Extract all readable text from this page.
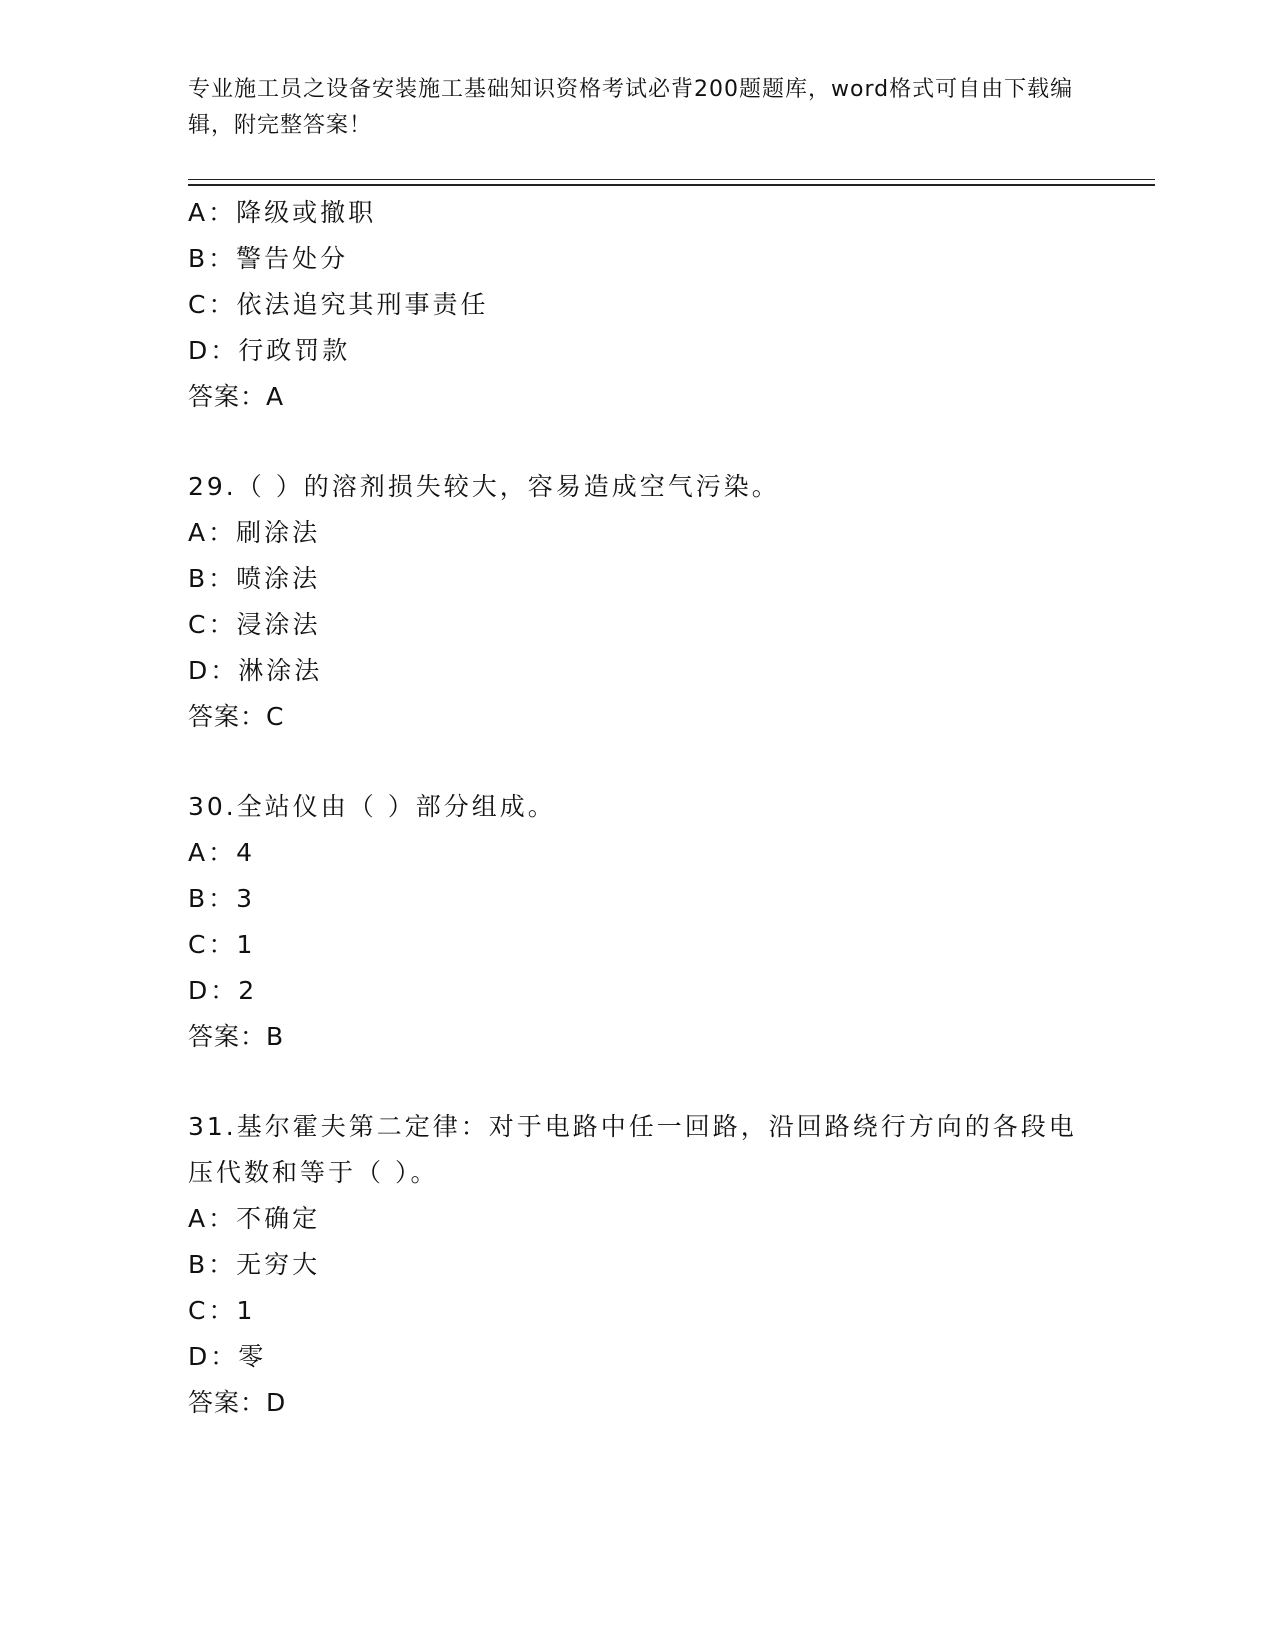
专业施工员之设备安装施工基础知识资格考试必背200题题库，word格式可自由下载编辑，附完整答案！
A：降级或撤职
B：警告处分
C：依法追究其刑事责任
D：行政罚款
答案：A
29.（ ）的溶剂损失较大，容易造成空气污染。
A：刷涂法
B：喷涂法
C：浸涂法
D：淋涂法
答案：C
30.全站仪由（ ）部分组成。
A：4
B：3
C：1
D：2
答案：B
31.基尔霍夫第二定律：对于电路中任一回路，沿回路绕行方向的各段电压代数和等于（ ）。
A：不确定
B：无穷大
C：1
D：零
答案：D
